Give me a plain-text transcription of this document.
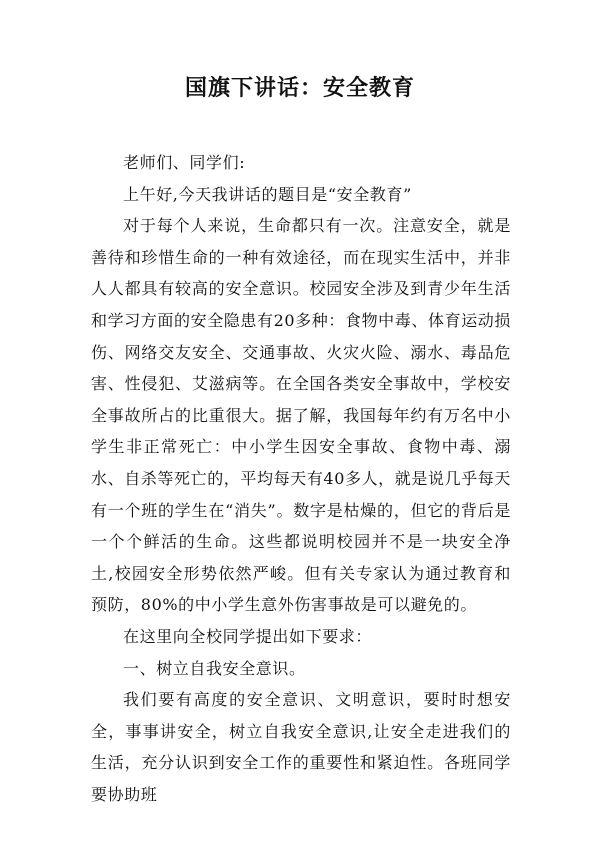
国旗下讲话：安全教育

老师们、同学们:

上午好,今天我讲话的题目是“安全教育”

对于每个人来说，生命都只有一次。注意安全，就是善待和珍惜生命的一种有效途径，而在现实生活中，并非人人都具有较高的安全意识。校园安全涉及到青少年生活和学习方面的安全隐患有20多种：食物中毒、体育运动损伤、网络交友安全、交通事故、火灾火险、溺水、毒品危害、性侵犯、艾滋病等。在全国各类安全事故中，学校安全事故所占的比重很大。据了解，我国每年约有万名中小学生非正常死亡：中小学生因安全事故、食物中毒、溺水、自杀等死亡的，平均每天有40多人，就是说几乎每天有一个班的学生在“消失”。数字是枯燥的，但它的背后是一个个鲜活的生命。这些都说明校园并不是一块安全净土,校园安全形势依然严峻。但有关专家认为通过教育和预防，80%的中小学生意外伤害事故是可以避免的。

在这里向全校同学提出如下要求：

一、树立自我安全意识。

我们要有高度的安全意识、文明意识，要时时想安全，事事讲安全，树立自我安全意识,让安全走进我们的生活，充分认识到安全工作的重要性和紧迫性。各班同学要协助班
